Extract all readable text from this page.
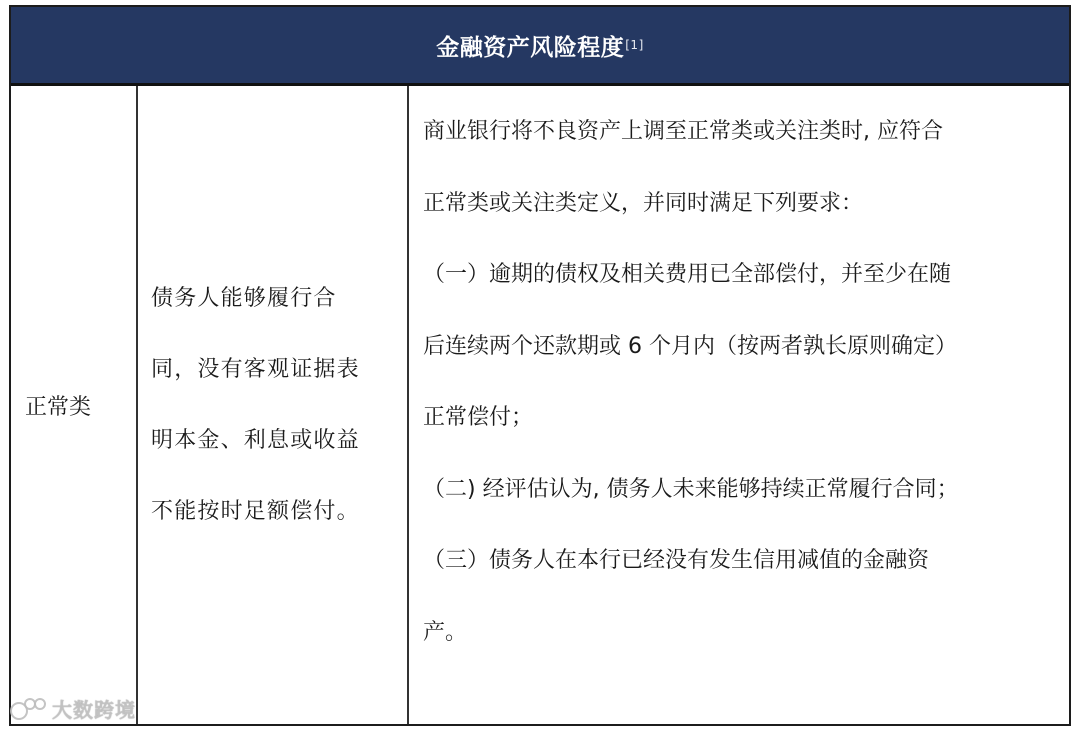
金融资产风险程度 [1]
正常类
债务人能够履行合
同，没有客观证据表
明本金、利息或收益
不能按时足额偿付。
商业银行将不良资产上调至正常类或关注类时, 应符合
正常类或关注类定义，并同时满足下列要求：
（一）逾期的债权及相关费用已全部偿付，并至少在随
后连续两个还款期或 6 个月内（按两者孰长原则确定）
正常偿付；
（二) 经评估认为, 债务人未来能够持续正常履行合同；
（三）债务人在本行已经没有发生信用减值的金融资
产。
大数跨境
